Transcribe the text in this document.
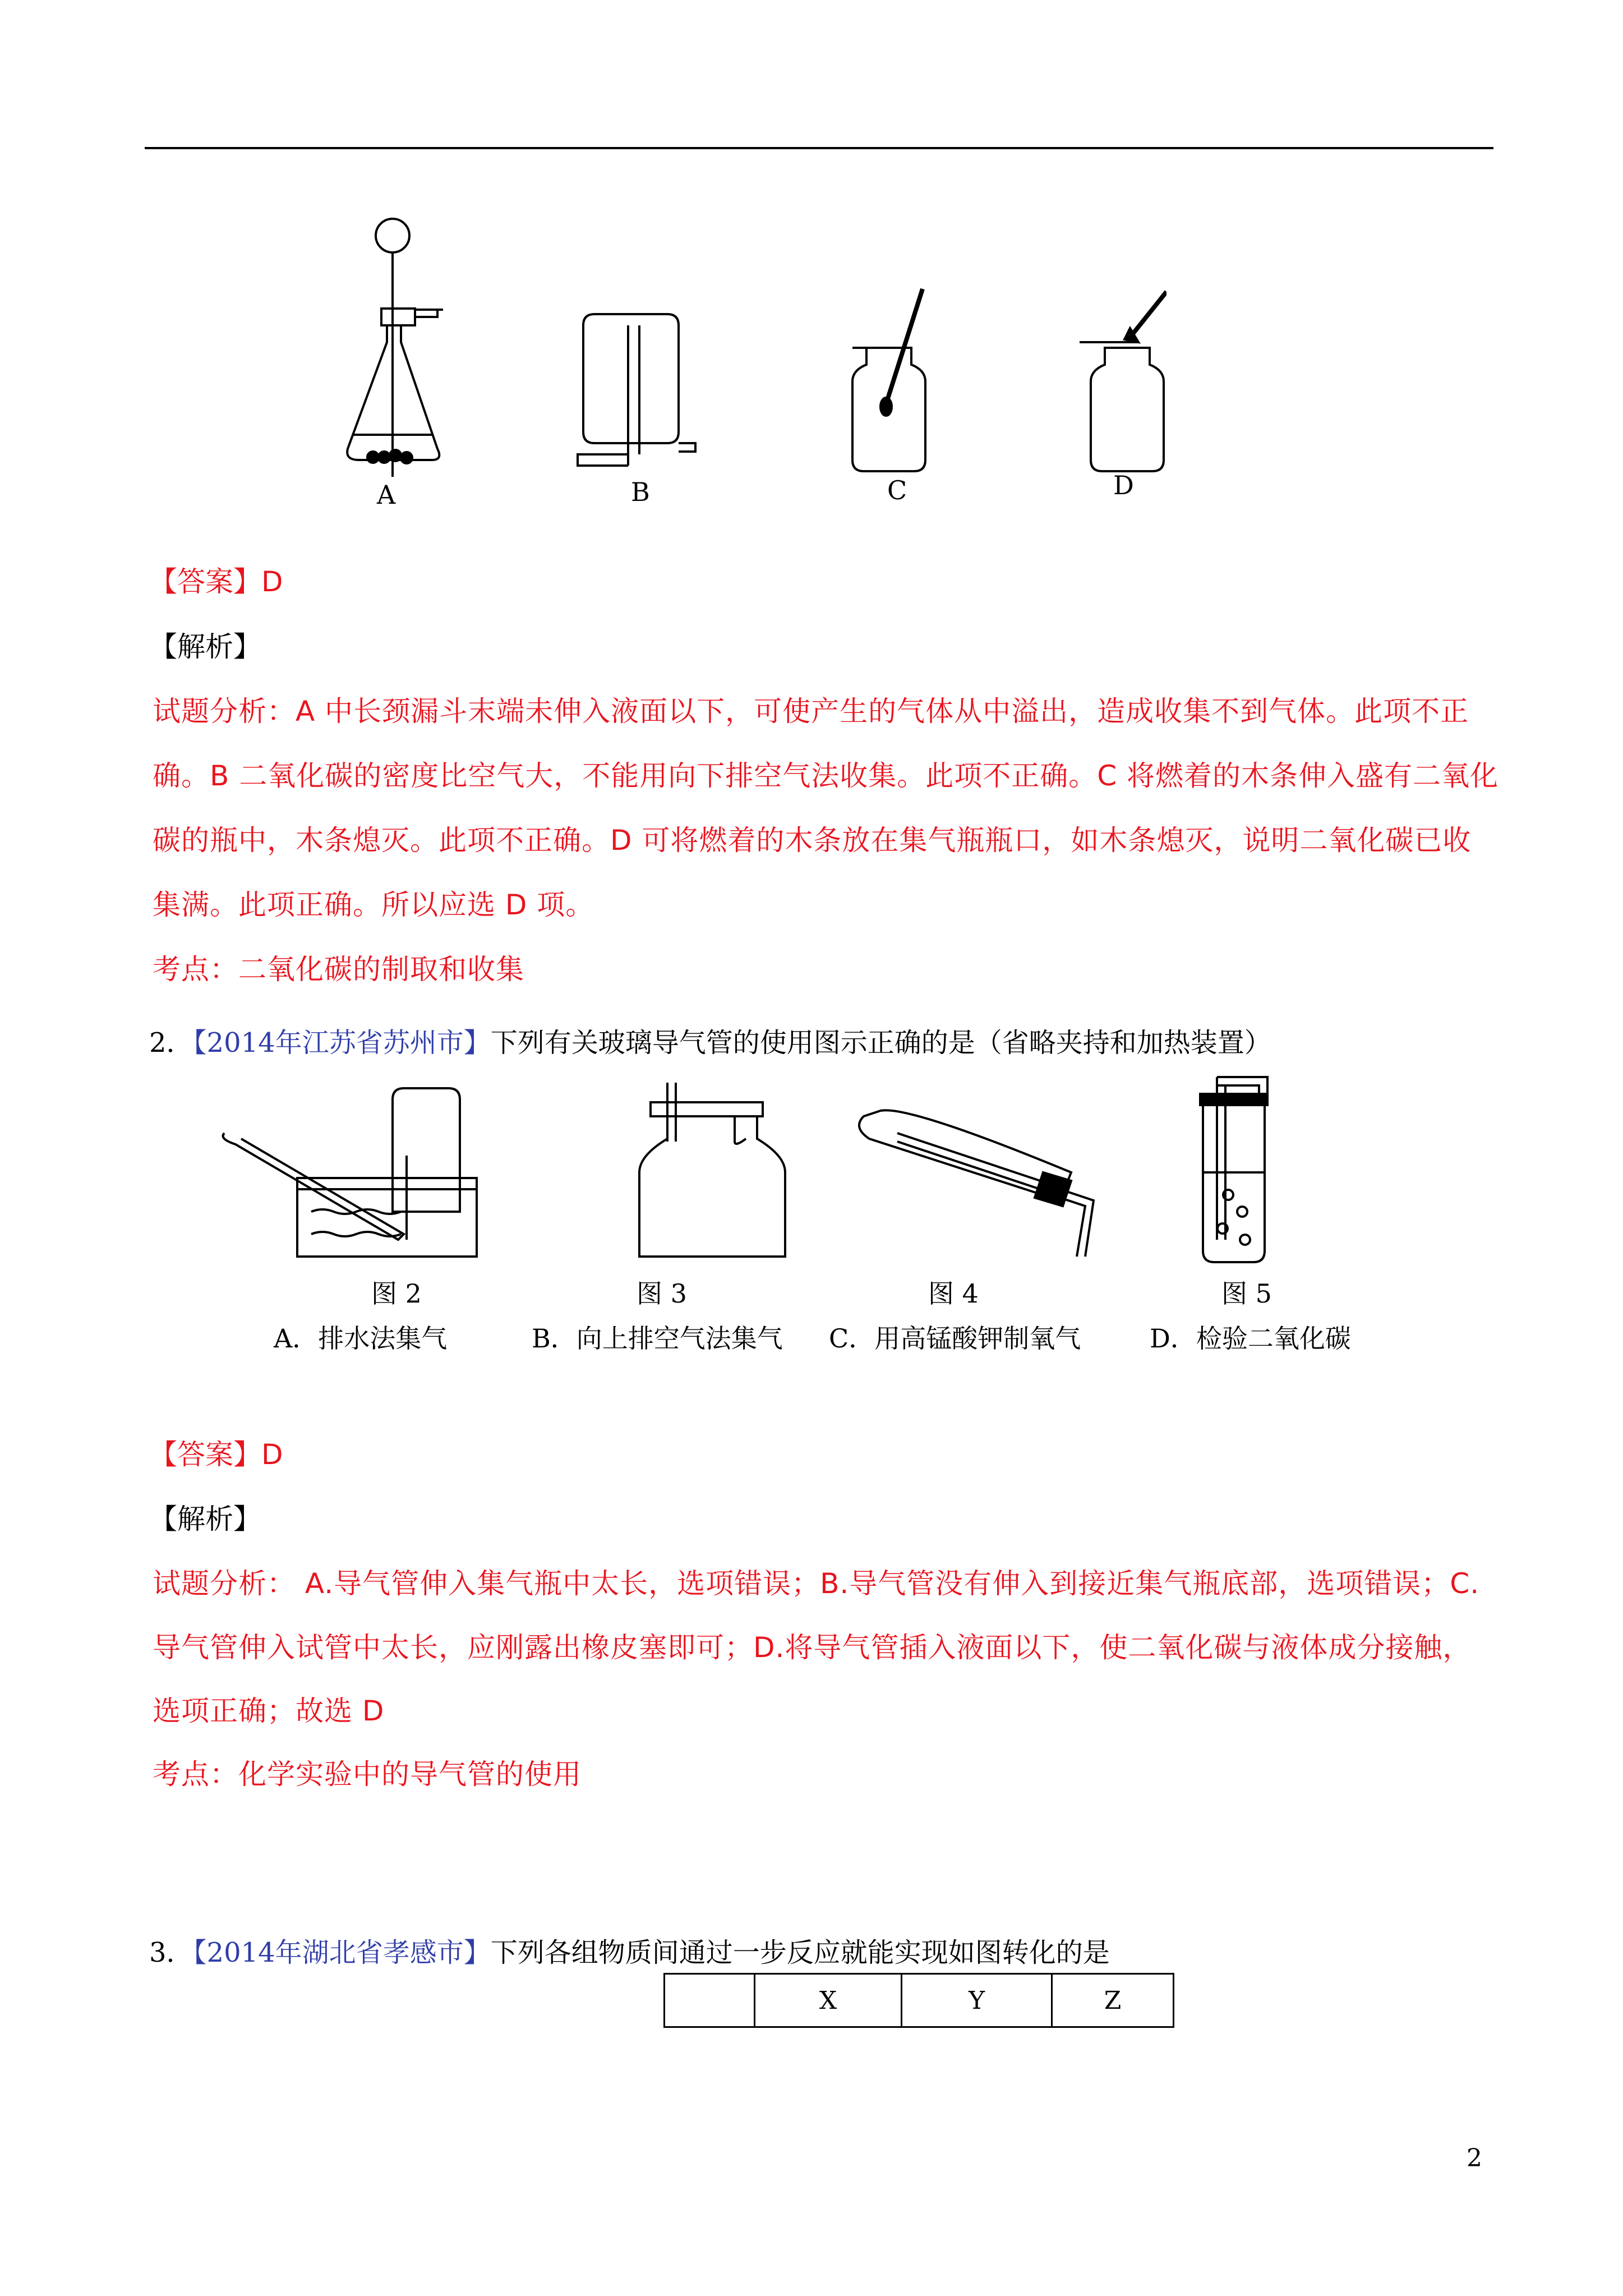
A	B	C	D
【答案】D
【解析】
试题分析：A 中长颈漏斗末端未伸入液面以下，可使产生的气体从中溢出，造成收集不到气体。此项不正
确。B 二氧化碳的密度比空气大，不能用向下排空气法收集。此项不正确。C 将燃着的木条伸入盛有二氧化
碳的瓶中，木条熄灭。此项不正确。D 可将燃着的木条放在集气瓶瓶口，如木条熄灭，说明二氧化碳已收
集满。此项正确。所以应选 D 项。
考点：二氧化碳的制取和收集
2．【2014年江苏省苏州市】下列有关玻璃导气管的使用图示正确的是（省略夹持和加热装置）
图 2	图 3	图 4	图 5
A．排水法集气	B．向上排空气法集气 C．用高锰酸钾制氧气	D．检验二氧化碳
【答案】D
【解析】
试题分析： A.导气管伸入集气瓶中太长，选项错误；B.导气管没有伸入到接近集气瓶底部，选项错误；C.
导气管伸入试管中太长，应刚露出橡皮塞即可；D.将导气管插入液面以下，使二氧化碳与液体成分接触，
选项正确；故选 D
考点：化学实验中的导气管的使用
3．【2014年湖北省孝感市】下列各组物质间通过一步反应就能实现如图转化的是
	X	Y	Z
2
